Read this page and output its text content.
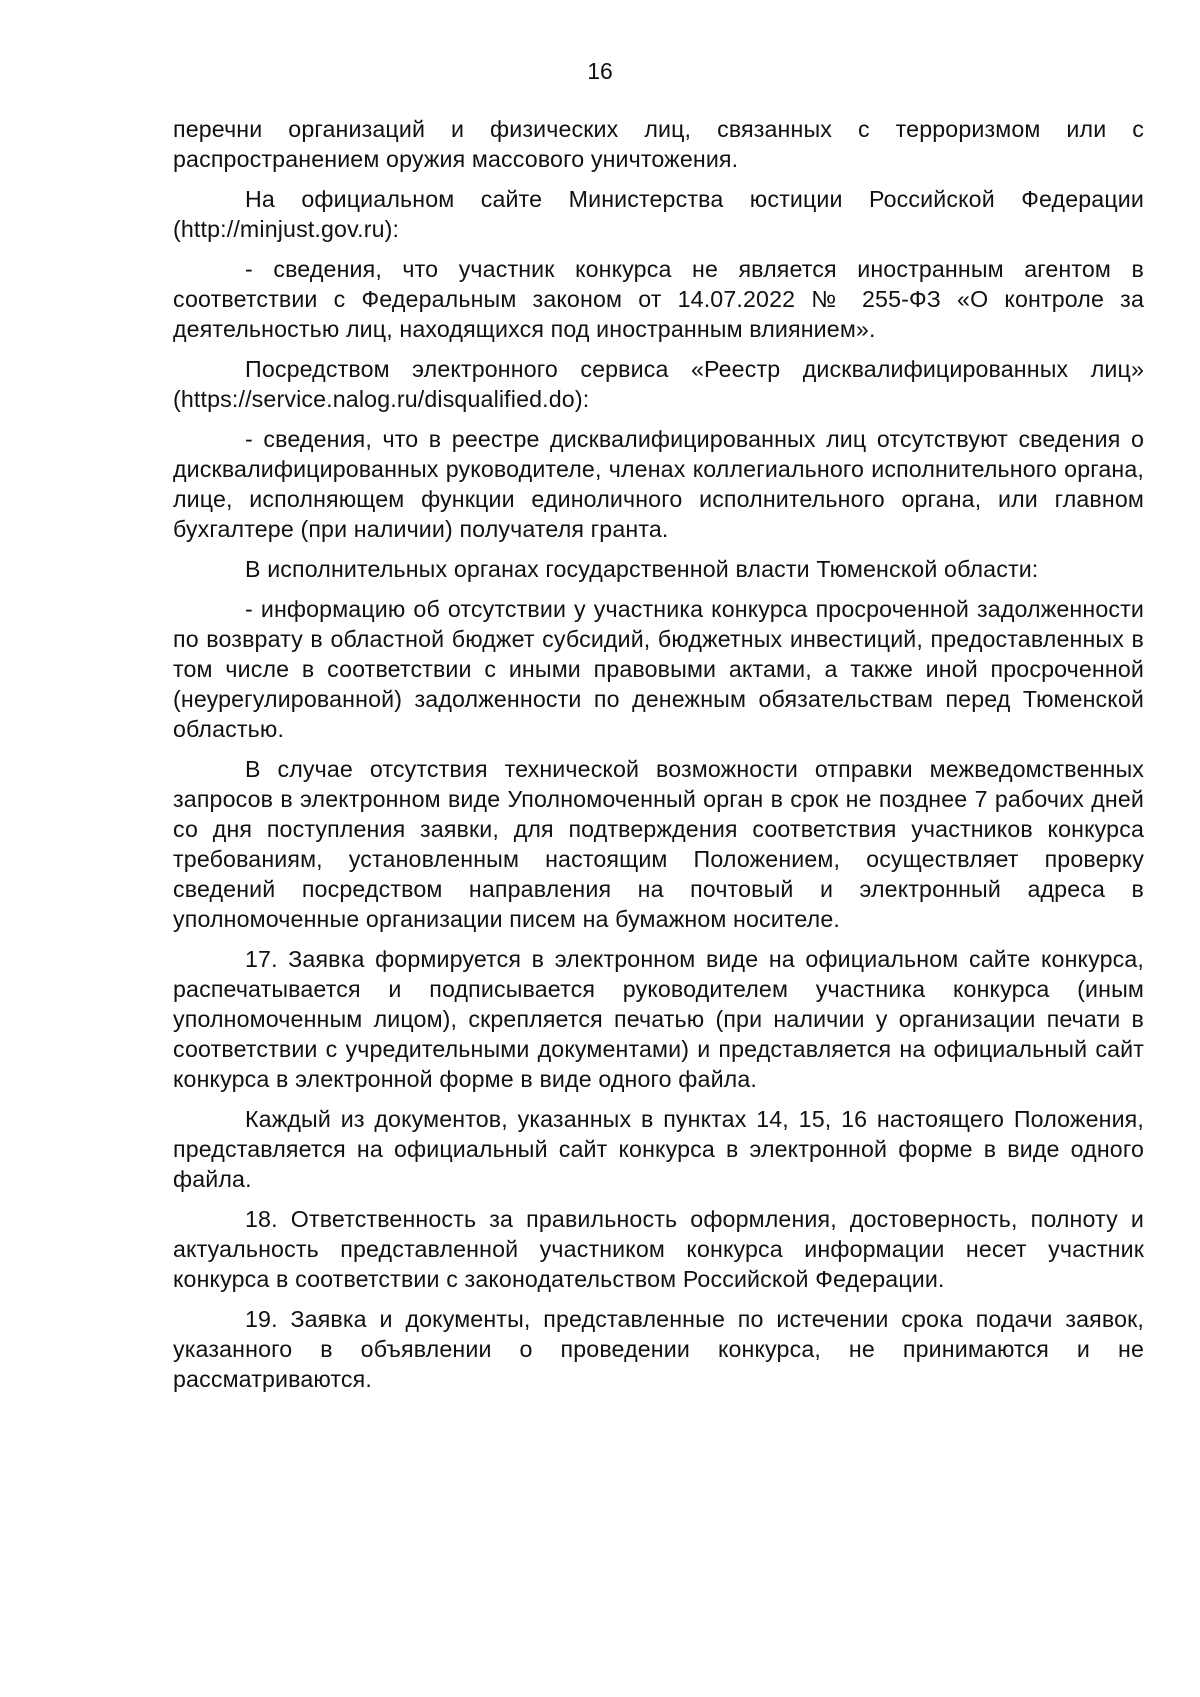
16

перечни организаций и физических лиц, связанных с терроризмом или с распространением оружия массового уничтожения.

На официальном сайте Министерства юстиции Российской Федерации (http://minjust.gov.ru):

- сведения, что участник конкурса не является иностранным агентом в соответствии с Федеральным законом от 14.07.2022 № 255-ФЗ «О контроле за деятельностью лиц, находящихся под иностранным влиянием».

Посредством электронного сервиса «Реестр дисквалифицированных лиц» (https://service.nalog.ru/disqualified.do):

- сведения, что в реестре дисквалифицированных лиц отсутствуют сведения о дисквалифицированных руководителе, членах коллегиального исполнительного органа, лице, исполняющем функции единоличного исполнительного органа, или главном бухгалтере (при наличии) получателя гранта.

В исполнительных органах государственной власти Тюменской области:

- информацию об отсутствии у участника конкурса просроченной задолженности по возврату в областной бюджет субсидий, бюджетных инвестиций, предоставленных в том числе в соответствии с иными правовыми актами, а также иной просроченной (неурегулированной) задолженности по денежным обязательствам перед Тюменской областью.

В случае отсутствия технической возможности отправки межведомственных запросов в электронном виде Уполномоченный орган в срок не позднее 7 рабочих дней со дня поступления заявки, для подтверждения соответствия участников конкурса требованиям, установленным настоящим Положением, осуществляет проверку сведений посредством направления на почтовый и электронный адреса в уполномоченные организации писем на бумажном носителе.

17. Заявка формируется в электронном виде на официальном сайте конкурса, распечатывается и подписывается руководителем участника конкурса (иным уполномоченным лицом), скрепляется печатью (при наличии у организации печати в соответствии с учредительными документами) и представляется на официальный сайт конкурса в электронной форме в виде одного файла.

Каждый из документов, указанных в пунктах 14, 15, 16 настоящего Положения, представляется на официальный сайт конкурса в электронной форме в виде одного файла.

18. Ответственность за правильность оформления, достоверность, полноту и актуальность представленной участником конкурса информации несет участник конкурса в соответствии с законодательством Российской Федерации.

19. Заявка и документы, представленные по истечении срока подачи заявок, указанного в объявлении о проведении конкурса, не принимаются и не рассматриваются.
